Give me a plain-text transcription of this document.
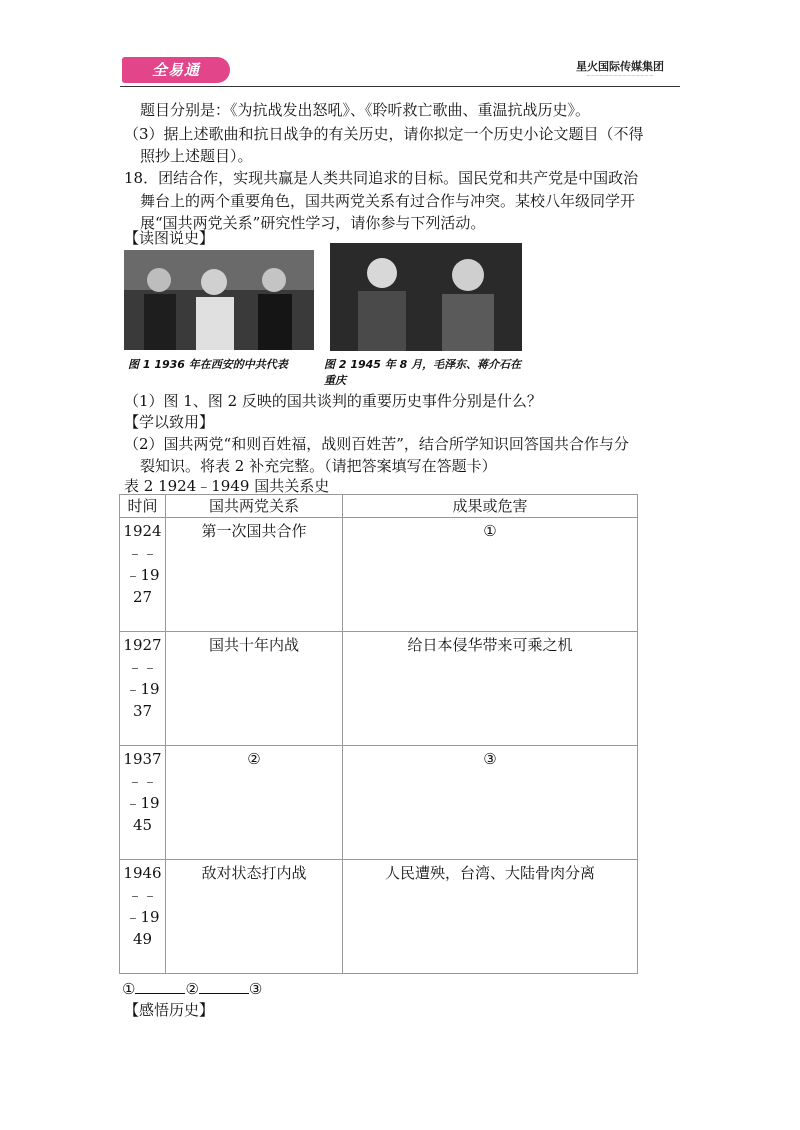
全易通	星火国际传媒集团
———————————————
题目分别是：《为抗战发出怒吼》、《聆听救亡歌曲、重温抗战历史》。
（3）据上述歌曲和抗日战争的有关历史，请你拟定一个历史小论文题目（不得
照抄上述题目）。
18．团结合作，实现共赢是人类共同追求的目标。国民党和共产党是中国政治
舞台上的两个重要角色，国共两党关系有过合作与冲突。某校八年级同学开
展“国共两党关系”研究性学习，请你参与下列活动。
【读图说史】
图 1 1936 年在西安的中共代表	图 2 1945 年 8 月，毛泽东、蒋介石在重庆
（1）图 1、图 2 反映的国共谈判的重要历史事件分别是什么？
【学以致用】
（2）国共两党“和则百姓福，战则百姓苦”，结合所学知识回答国共合作与分
裂知识。将表 2 补充完整。（请把答案填写在答题卡）
表 2 1924﹣1949 国共关系史
时间	国共两党关系	成果或危害
1924﹣﹣﹣1927	第一次国共合作	①
1927﹣﹣﹣1937	国共十年内战	给日本侵华带来可乘之机
1937﹣﹣﹣1945	②	③
1946﹣﹣﹣1949	敌对状态打内战	人民遭殃，台湾、大陆骨肉分离
①	②	③
【感悟历史】
